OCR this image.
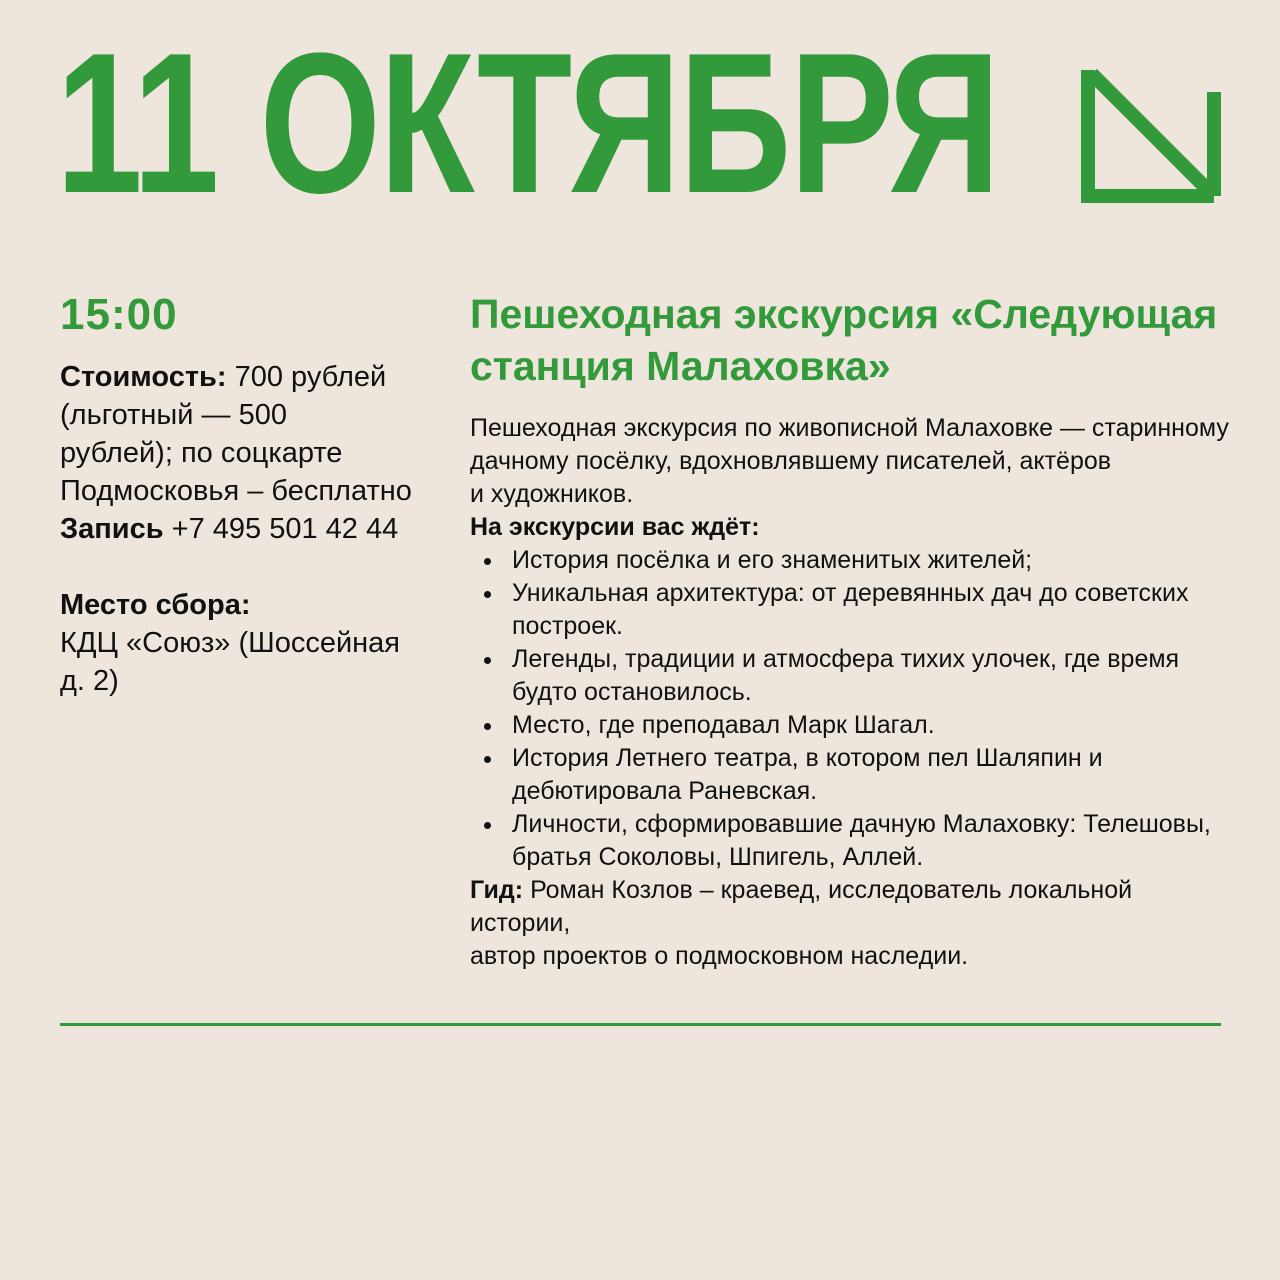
11 ОКТЯБРЯ
15:00
Стоимость: 700 рублей
(льготный — 500
рублей); по соцкарте
Подмосковья – бесплатно
Запись +7 495 501 42 44
Место сбора:
КДЦ «Союз» (Шоссейная
д. 2)
Пешеходная экскурсия «Следующая
станция Малаховка»

Пешеходная экскурсия по живописной Малаховке — старинному
дачному посёлку, вдохновлявшему писателей, актёров
и художников.

На экскурсии вас ждёт:

История посёлка и его знаменитых жителей;
Уникальная архитектура: от деревянных дач до советских
построек.
Легенды, традиции и атмосфера тихих улочек, где время
будто остановилось.
Место, где преподавал Марк Шагал.
История Летнего театра, в котором пел Шаляпин и
дебютировала Раневская.
Личности, сформировавшие дачную Малаховку: Телешовы,
братья Соколовы, Шпигель, Аллей.

Гид: Роман Козлов – краевед, исследователь локальной истории,
автор проектов о подмосковном наследии.
